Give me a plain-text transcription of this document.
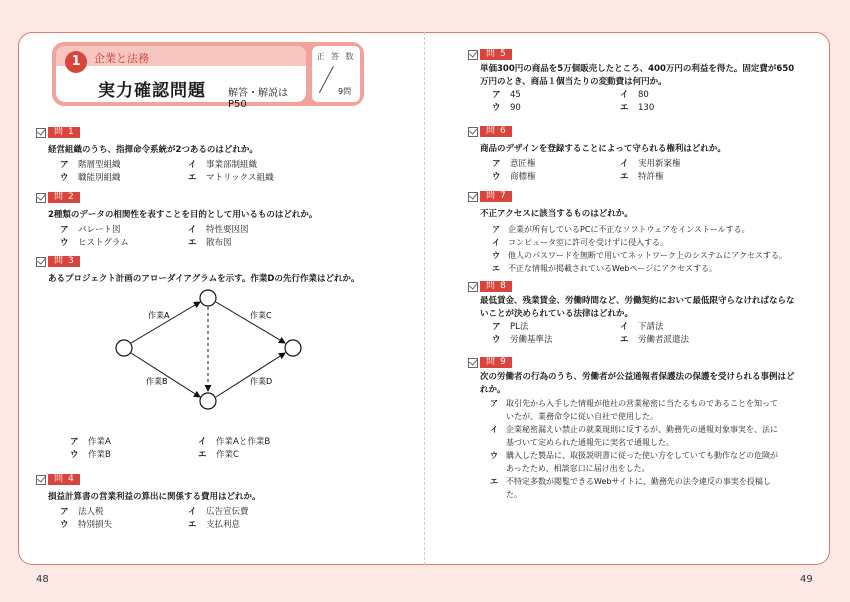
1	企業と法務
実力確認問題 解答・解説はP50
正 答 数
9問
問 1
経営組織のうち、指揮命令系統が2つあるのはどれか。
ア	階層型組織	イ	事業部制組織
ウ	職能別組織	エ	マトリックス組織
問 2
2種類のデータの相関性を表すことを目的として用いるものはどれか。
ア	パレート図	イ	特性要因図
ウ	ヒストグラム	エ	散布図
問 3
あるプロジェクト計画のアローダイアグラムを示す。作業Dの先行作業はどれか。
作業A
作業B
作業C
作業D
ア	作業A	イ	作業Aと作業B
ウ	作業B	エ	作業C
問 4
損益計算書の営業利益の算出に関係する費用はどれか。
ア	法人税	イ	広告宣伝費
ウ	特別損失	エ	支払利息
問 5
単価300円の商品を5万個販売したところ、400万円の利益を得た。固定費が650
万円のとき、商品１個当たりの変動費は何円か。
ア	45	イ	80
ウ	90	エ	130
問 6
商品のデザインを登録することによって守られる権利はどれか。
ア	意匠権	イ	実用新案権
ウ	商標権	エ	特許権
問 7
不正アクセスに該当するものはどれか。
ア	企業が所有しているPCに不正なソフトウェアをインストールする。
イ	コンピュータ室に許可を受けずに侵入する。
ウ	他人のパスワードを無断で用いてネットワーク上のシステムにアクセスする。
エ	不正な情報が掲載されているWebページにアクセスする。
問 8
最低賃金、残業賃金、労働時間など、労働契約において最低限守らなければならな
いことが決められている法律はどれか。
ア	PL法	イ	下請法
ウ	労働基準法	エ	労働者派遣法
問 9
次の労働者の行為のうち、労働者が公益通報者保護法の保護を受けられる事例はど
れか。
ア	取引先から入手した情報が他社の営業秘密に当たるものであることを知って
いたが、業務命令に従い自社で使用した。
イ	企業秘密漏えい禁止の就業規則に反するが、勤務先の通報対象事実を、法に
基づいて定められた通報先に実名で通報した。
ウ	購入した製品に、取扱説明書に従った使い方をしていても動作などの危険が
あったため、相談窓口に届け出をした。
エ	不特定多数が閲覧できるWebサイトに、勤務先の法令違反の事実を投稿し
た。
48	49
